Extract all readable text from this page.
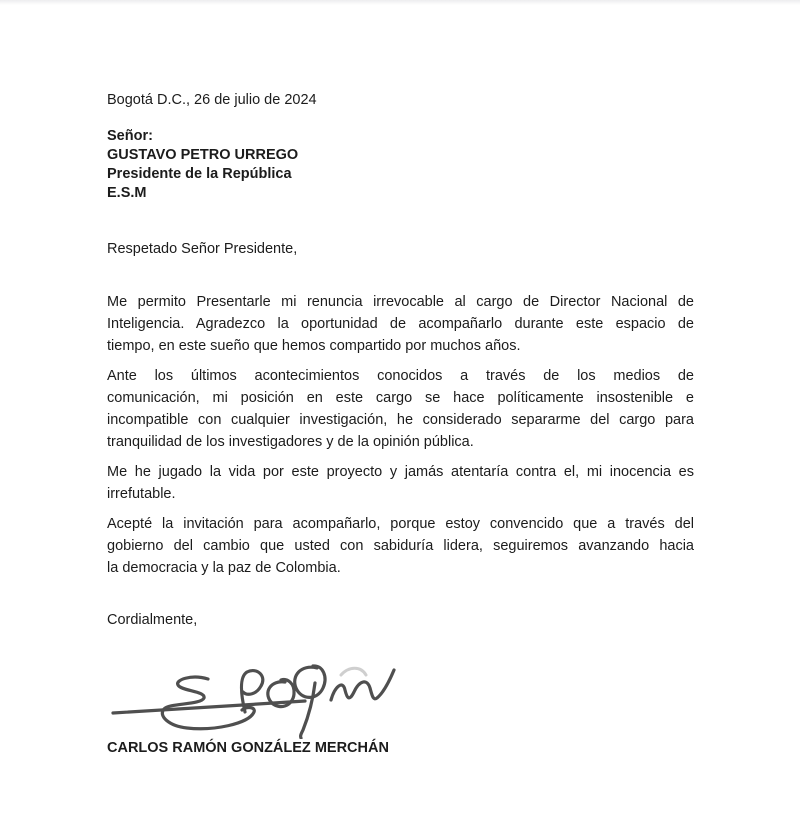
Bogotá D.C., 26 de julio de 2024

Señor:
GUSTAVO PETRO URREGO
Presidente de la República
E.S.M

Respetado Señor Presidente,

Me permito Presentarle mi renuncia irrevocable al cargo de Director Nacional de
Inteligencia. Agradezco la oportunidad de acompañarlo durante este espacio de
tiempo, en este sueño que hemos compartido por muchos años.
Ante los últimos acontecimientos conocidos a través de los medios de
comunicación, mi posición en este cargo se hace políticamente insostenible e
incompatible con cualquier investigación, he considerado separarme del cargo para
tranquilidad de los investigadores y de la opinión pública.
Me he jugado la vida por este proyecto y jamás atentaría contra el, mi inocencia es
irrefutable.
Acepté la invitación para acompañarlo, porque estoy convencido que a través del
gobierno del cambio que usted con sabiduría lidera, seguiremos avanzando hacia
la democracia y la paz de Colombia.

Cordialmente,

CARLOS RAMÓN GONZÁLEZ MERCHÁN
